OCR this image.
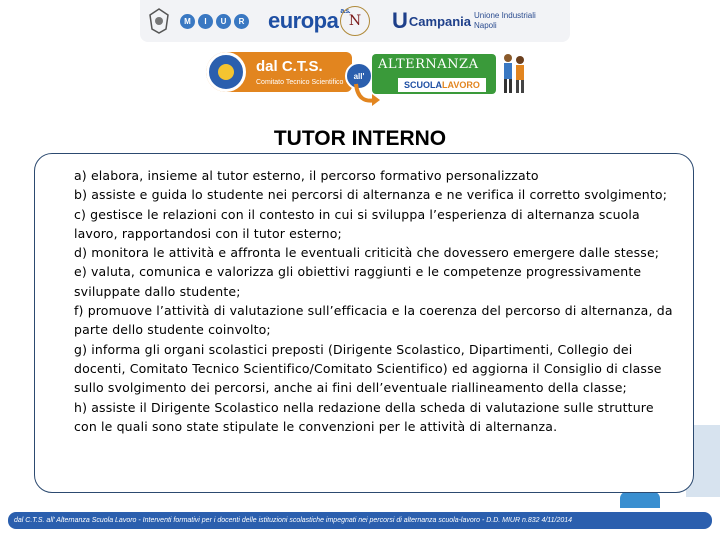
M	I	U	R europa a.s.
N	U Campania Unione Industriali Napoli
dal C.T.S.
Comitato Tecnico Scientifico
all'
ALTERNANZA
SCUOLALAVORO
TUTOR INTERNO
a) elabora, insieme al tutor esterno, il percorso formativo personalizzato
b) assiste e guida lo studente nei percorsi di alternanza e ne verifica il corretto svolgimento;
c) gestisce le relazioni con il contesto in cui si sviluppa l’esperienza di alternanza scuola lavoro, rapportandosi con il tutor esterno;
d) monitora le attività e affronta le eventuali criticità che dovessero emergere dalle stesse;
e) valuta, comunica e valorizza gli obiettivi raggiunti e le competenze progressivamente sviluppate dallo studente;
f) promuove l’attività di valutazione sull’efficacia e la coerenza del percorso di alternanza, da parte dello studente coinvolto;
g) informa gli organi scolastici preposti (Dirigente Scolastico, Dipartimenti, Collegio dei docenti, Comitato Tecnico Scientifico/Comitato Scientifico) ed aggiorna il Consiglio di classe sullo svolgimento dei percorsi, anche ai fini dell’eventuale riallineamento della classe;
h) assiste il Dirigente Scolastico nella redazione della scheda di valutazione sulle strutture con le quali sono state stipulate le convenzioni per le attività di alternanza.
dal C.T.S. all’ Alternanza Scuola Lavoro - Interventi formativi per i docenti delle istituzioni scolastiche impegnati nei percorsi di alternanza scuola-lavoro - D.D. MIUR n.832 4/11/2014
